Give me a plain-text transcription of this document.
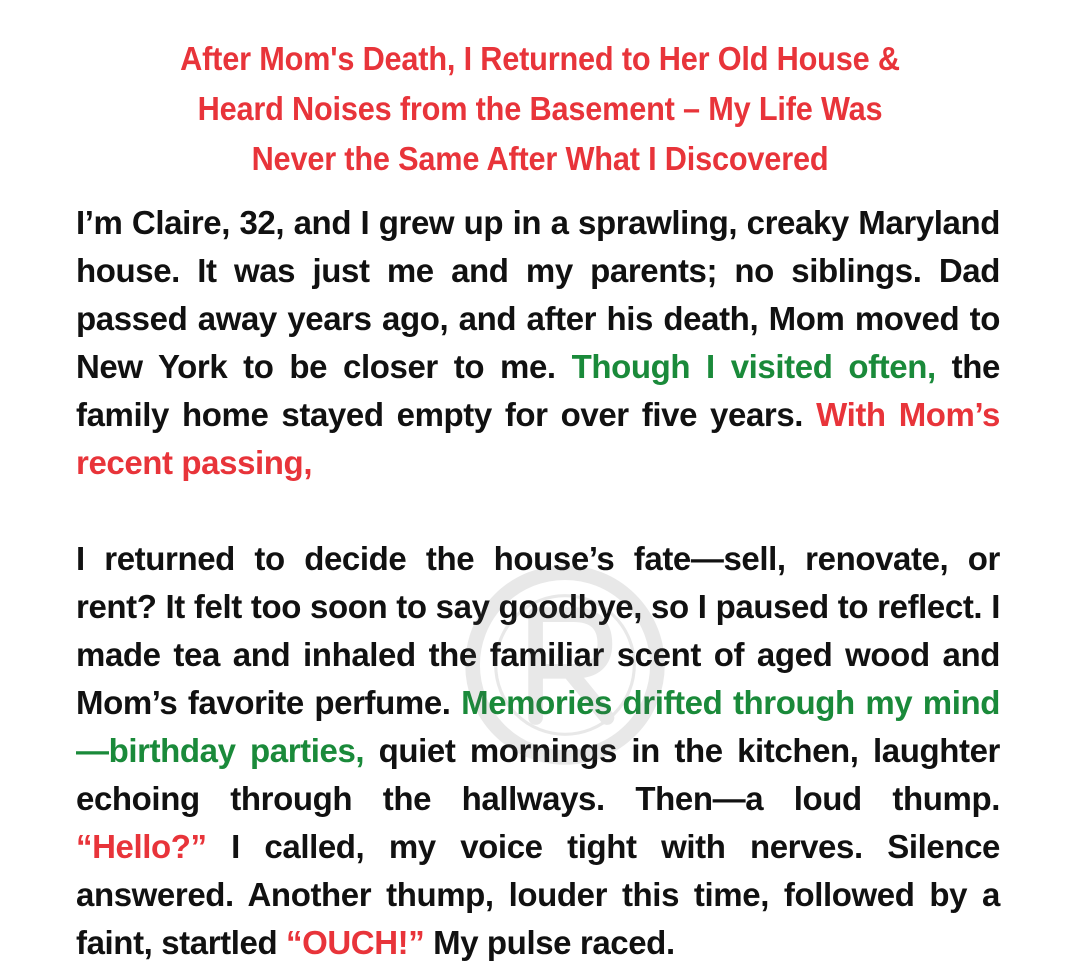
After Mom's Death, I Returned to Her Old House &
Heard Noises from the Basement – My Life Was
Never the Same After What I Discovered
I’m Claire, 32, and I grew up in a sprawling, creaky Maryland house. It was just me and my parents; no siblings. Dad passed away years ago, and after his death, Mom moved to New York to be closer to me. Though I visited often, the family home stayed empty for over five years. With Mom’s recent passing,
I returned to decide the house’s fate—sell, renovate, or rent? It felt too soon to say goodbye, so I paused to reflect. I made tea and inhaled the familiar scent of aged wood and Mom’s favorite perfume. Memories drifted through my mind—birthday parties, quiet mornings in the kitchen, laughter echoing through the hallways. Then—a loud thump. “Hello?” I called, my voice tight with nerves. Silence answered. Another thump, louder this time, followed by a faint, startled “OUCH!” My pulse raced.
